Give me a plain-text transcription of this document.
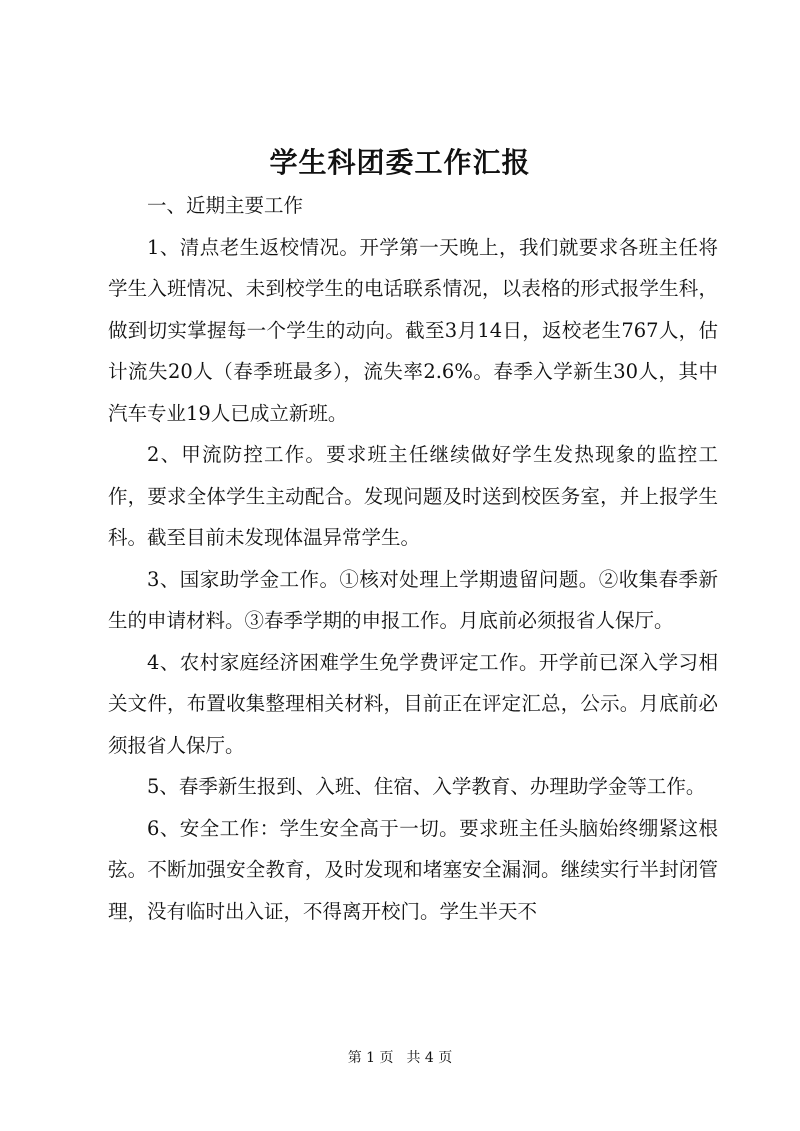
学生科团委工作汇报

一、近期主要工作

1、清点老生返校情况。开学第一天晚上，我们就要求各班主任将学生入班情况、未到校学生的电话联系情况，以表格的形式报学生科，做到切实掌握每一个学生的动向。截至3月14日，返校老生767人，估计流失20人（春季班最多），流失率2.6%。春季入学新生30人，其中汽车专业19人已成立新班。

2、甲流防控工作。要求班主任继续做好学生发热现象的监控工作，要求全体学生主动配合。发现问题及时送到校医务室，并上报学生科。截至目前未发现体温异常学生。

3、国家助学金工作。①核对处理上学期遗留问题。②收集春季新生的申请材料。③春季学期的申报工作。月底前必须报省人保厅。

4、农村家庭经济困难学生免学费评定工作。开学前已深入学习相关文件，布置收集整理相关材料，目前正在评定汇总，公示。月底前必须报省人保厅。

5、春季新生报到、入班、住宿、入学教育、办理助学金等工作。

6、安全工作：学生安全高于一切。要求班主任头脑始终绷紧这根弦。不断加强安全教育，及时发现和堵塞安全漏洞。继续实行半封闭管理，没有临时出入证，不得离开校门。学生半天不

第 1 页 共 4 页
